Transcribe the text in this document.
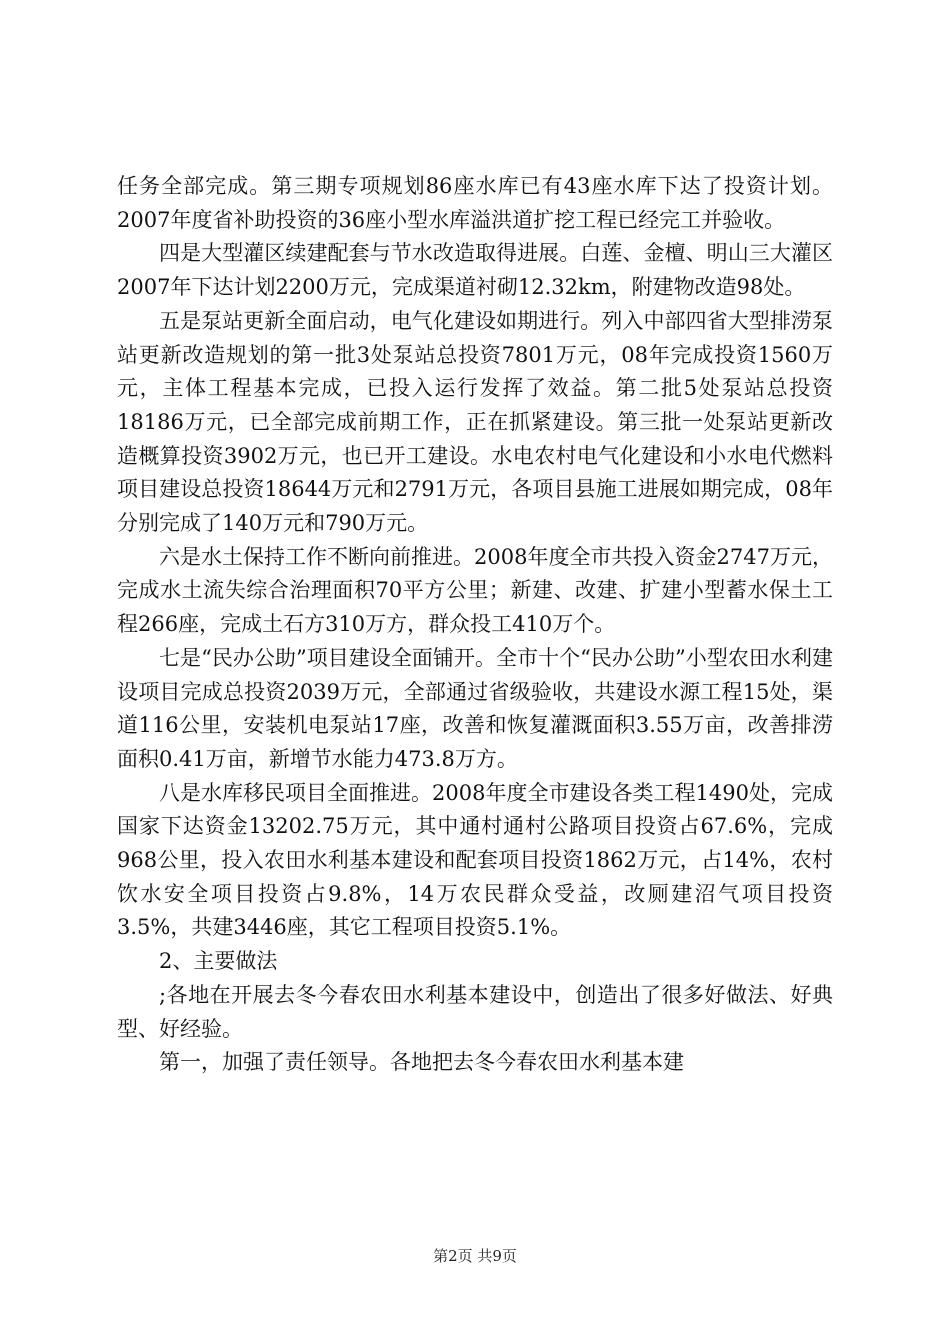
任务全部完成。第三期专项规划86座水库已有43座水库下达了投资计划。2007年度省补助投资的36座小型水库溢洪道扩挖工程已经完工并验收。

四是大型灌区续建配套与节水改造取得进展。白莲、金檀、明山三大灌区2007年下达计划2200万元，完成渠道衬砌12.32km，附建物改造98处。

五是泵站更新全面启动，电气化建设如期进行。列入中部四省大型排涝泵站更新改造规划的第一批3处泵站总投资7801万元，08年完成投资1560万元，主体工程基本完成，已投入运行发挥了效益。第二批5处泵站总投资18186万元，已全部完成前期工作，正在抓紧建设。第三批一处泵站更新改造概算投资3902万元，也已开工建设。水电农村电气化建设和小水电代燃料项目建设总投资18644万元和2791万元，各项目县施工进展如期完成，08年分别完成了140万元和790万元。

六是水土保持工作不断向前推进。2008年度全市共投入资金2747万元，完成水土流失综合治理面积70平方公里；新建、改建、扩建小型蓄水保土工程266座，完成土石方310万方，群众投工410万个。

七是“民办公助”项目建设全面铺开。全市十个“民办公助”小型农田水利建设项目完成总投资2039万元，全部通过省级验收，共建设水源工程15处，渠道116公里，安装机电泵站17座，改善和恢复灌溉面积3.55万亩，改善排涝面积0.41万亩，新增节水能力473.8万方。

八是水库移民项目全面推进。2008年度全市建设各类工程1490处，完成国家下达资金13202.75万元，其中通村通村公路项目投资占67.6%，完成968公里，投入农田水利基本建设和配套项目投资1862万元，占14%，农村饮水安全项目投资占9.8%，14万农民群众受益，改厕建沼气项目投资3.5%，共建3446座，其它工程项目投资5.1%。

2、主要做法

;各地在开展去冬今春农田水利基本建设中，创造出了很多好做法、好典型、好经验。

第一，加强了责任领导。各地把去冬今春农田水利基本建

第2页 共9页
